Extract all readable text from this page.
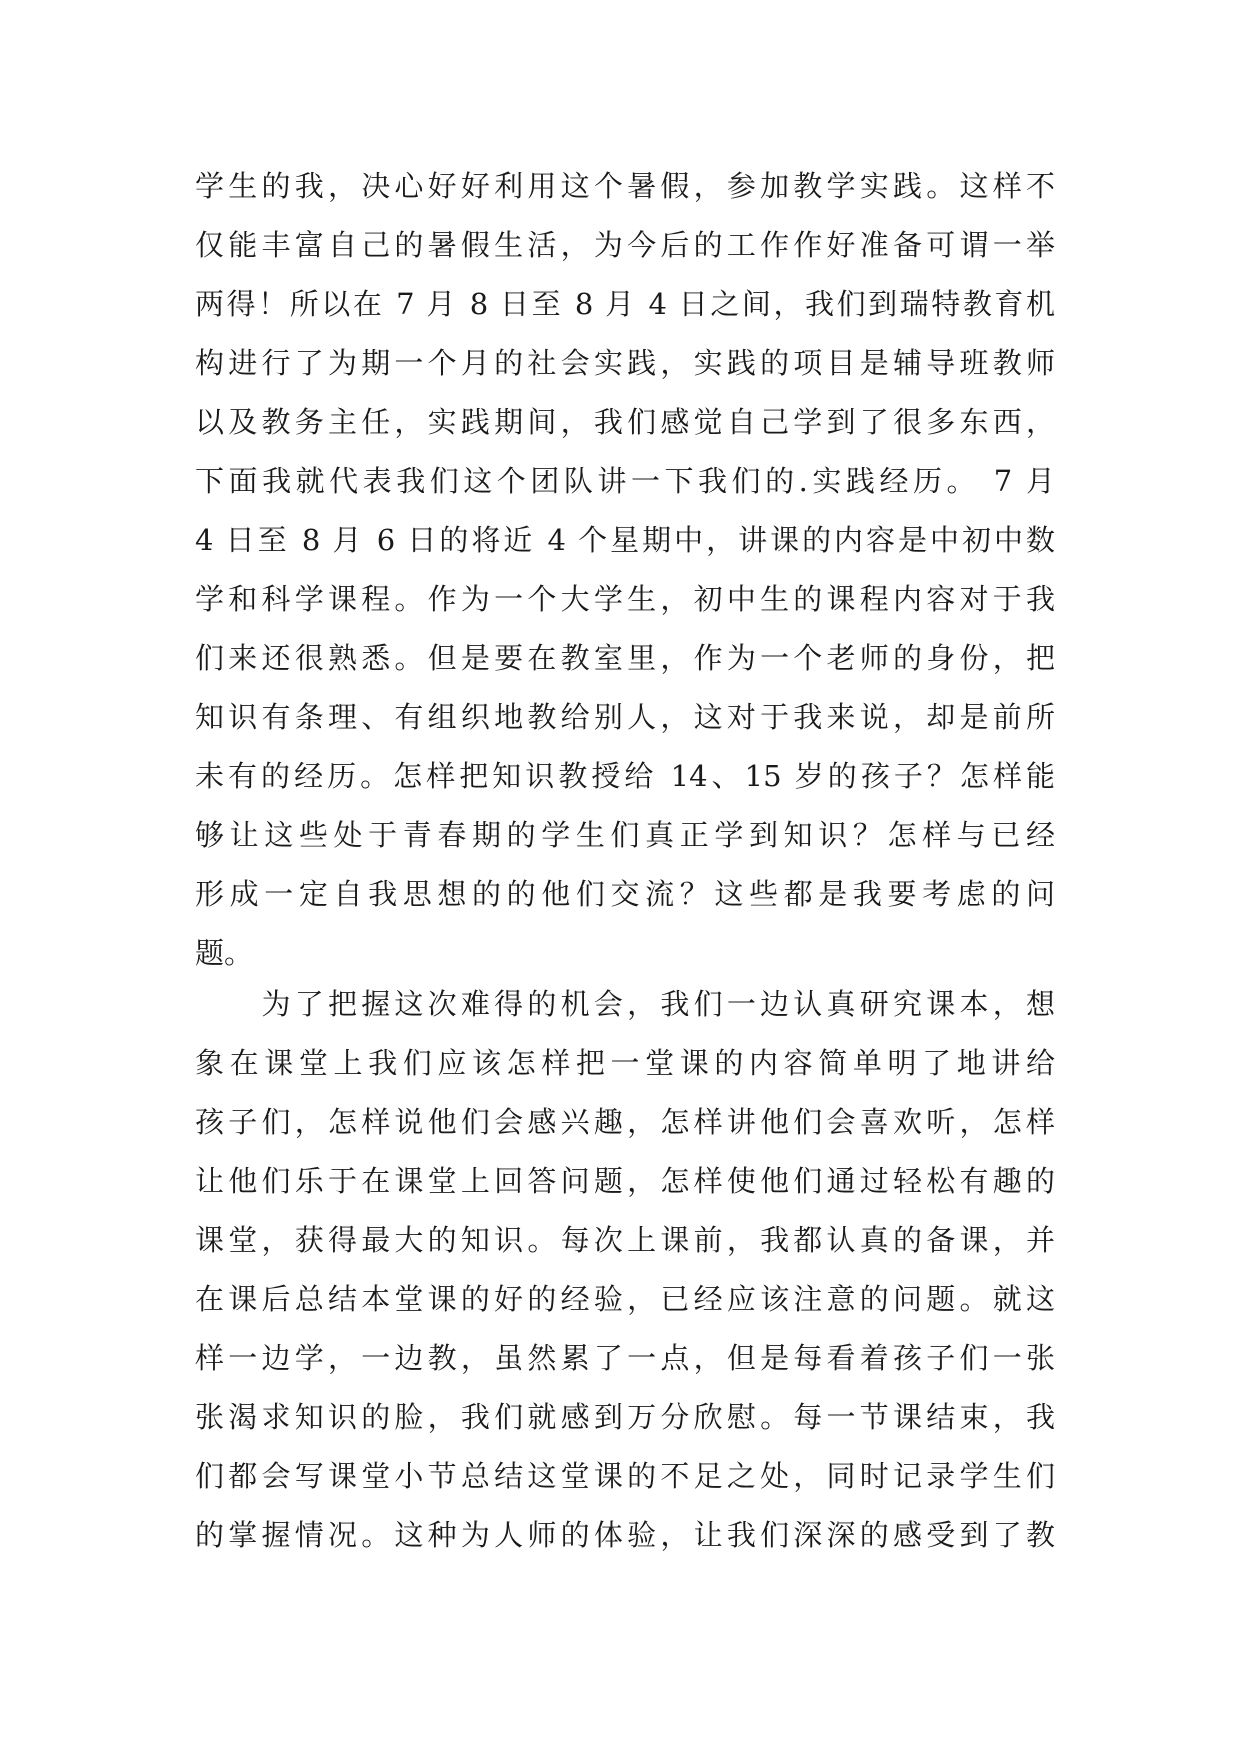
学生的我，决心好好利用这个暑假，参加教学实践。这样不
仅能丰富自己的暑假生活，为今后的工作作好准备可谓一举
两得！所以在 7 月 8 日至 8 月 4 日之间，我们到瑞特教育机
构进行了为期一个月的社会实践，实践的项目是辅导班教师
以及教务主任，实践期间，我们感觉自己学到了很多东西，
下面我就代表我们这个团队讲一下我们的.实践经历。 7 月
4 日至 8 月 6 日的将近 4 个星期中，讲课的内容是中初中数
学和科学课程。作为一个大学生，初中生的课程内容对于我
们来还很熟悉。但是要在教室里，作为一个老师的身份，把
知识有条理、有组织地教给别人，这对于我来说，却是前所
未有的经历。怎样把知识教授给 14、15 岁的孩子？怎样能
够让这些处于青春期的学生们真正学到知识？怎样与已经
形成一定自我思想的的他们交流？这些都是我要考虑的问
题。
　　为了把握这次难得的机会，我们一边认真研究课本，想
象在课堂上我们应该怎样把一堂课的内容简单明了地讲给
孩子们，怎样说他们会感兴趣，怎样讲他们会喜欢听，怎样
让他们乐于在课堂上回答问题，怎样使他们通过轻松有趣的
课堂，获得最大的知识。每次上课前，我都认真的备课，并
在课后总结本堂课的好的经验，已经应该注意的问题。就这
样一边学，一边教，虽然累了一点，但是每看着孩子们一张
张渴求知识的脸，我们就感到万分欣慰。每一节课结束，我
们都会写课堂小节总结这堂课的不足之处，同时记录学生们
的掌握情况。这种为人师的体验，让我们深深的感受到了教
